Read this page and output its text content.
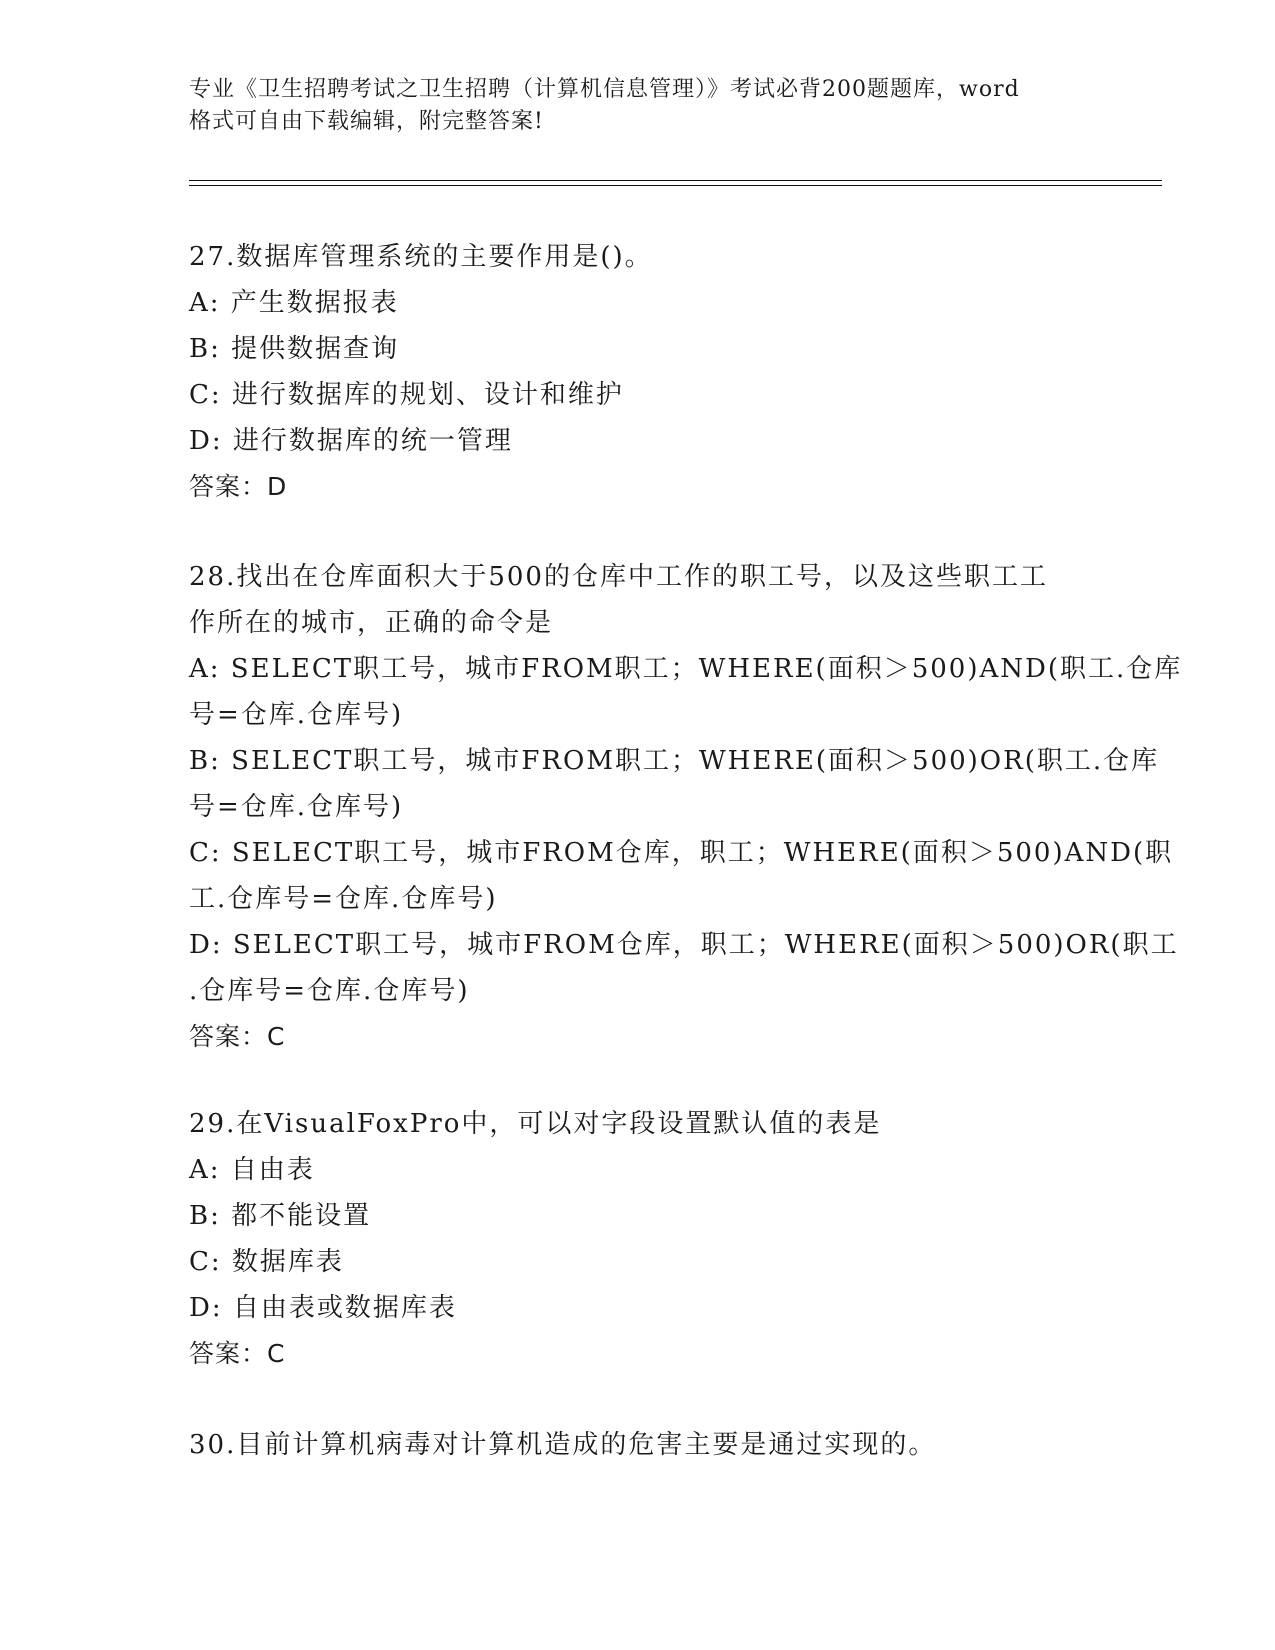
专业《卫生招聘考试之卫生招聘（计算机信息管理）》考试必背200题题库，word
格式可自由下载编辑，附完整答案!
27.数据库管理系统的主要作用是()。
A: 产生数据报表
B: 提供数据查询
C: 进行数据库的规划、设计和维护
D: 进行数据库的统一管理
答案：D
28.找出在仓库面积大于500的仓库中工作的职工号，以及这些职工工
作所在的城市，正确的命令是
A: SELECT职工号，城市FROM职工；WHERE(面积＞500)AND(职工.仓库
号=仓库.仓库号)
B: SELECT职工号，城市FROM职工；WHERE(面积＞500)OR(职工.仓库
号=仓库.仓库号)
C: SELECT职工号，城市FROM仓库，职工；WHERE(面积＞500)AND(职
工.仓库号=仓库.仓库号)
D: SELECT职工号，城市FROM仓库，职工；WHERE(面积＞500)OR(职工
.仓库号=仓库.仓库号)
答案：C
29.在VisualFoxPro中，可以对字段设置默认值的表是
A: 自由表
B: 都不能设置
C: 数据库表
D: 自由表或数据库表
答案：C
30.目前计算机病毒对计算机造成的危害主要是通过实现的。
